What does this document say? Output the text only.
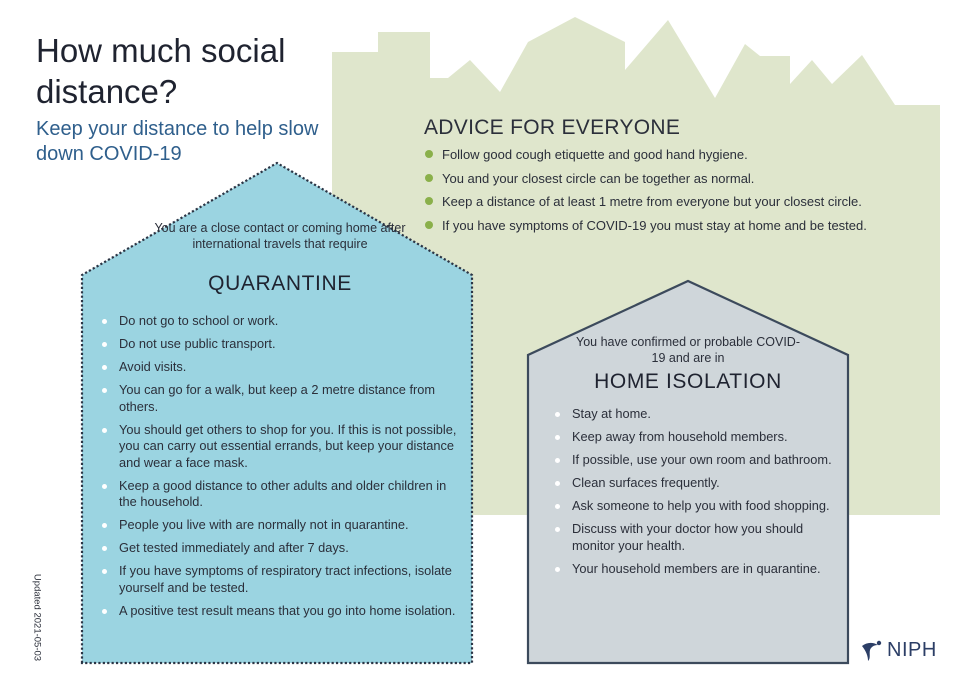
How much social distance?

Keep your distance to help slow down COVID-19

ADVICE FOR EVERYONE
Follow good cough etiquette and good hand hygiene.
You and your closest circle can be together as normal.
Keep a distance of at least 1 metre from everyone but your closest circle.
If you have symptoms of COVID-19 you must stay at home and be tested.

You are a close contact or coming home after international travels that require

QUARANTINE
Do not go to school or work.
Do not use public transport.
Avoid visits.
You can go for a walk, but keep a 2 metre distance from others.
You should get others to shop for you. If this is not possible, you can carry out essential errands, but keep your distance and wear a face mask.
Keep a good distance to other adults and older children in the household.
People you live with are normally not in quarantine.
Get tested immediately and after 7 days.
If you have symptoms of respiratory tract infections, isolate yourself and be tested.
A positive test result means that you go into home isolation.

You have confirmed or probable COVID-19 and are in

HOME ISOLATION
Stay at home.
Keep away from household members.
If possible, use your own room and bathroom.
Clean surfaces frequently.
Ask someone to help you with food shopping.
Discuss with your doctor how you should monitor your health.
Your household members are in quarantine.
Updated 2021-05-03	NIPH
